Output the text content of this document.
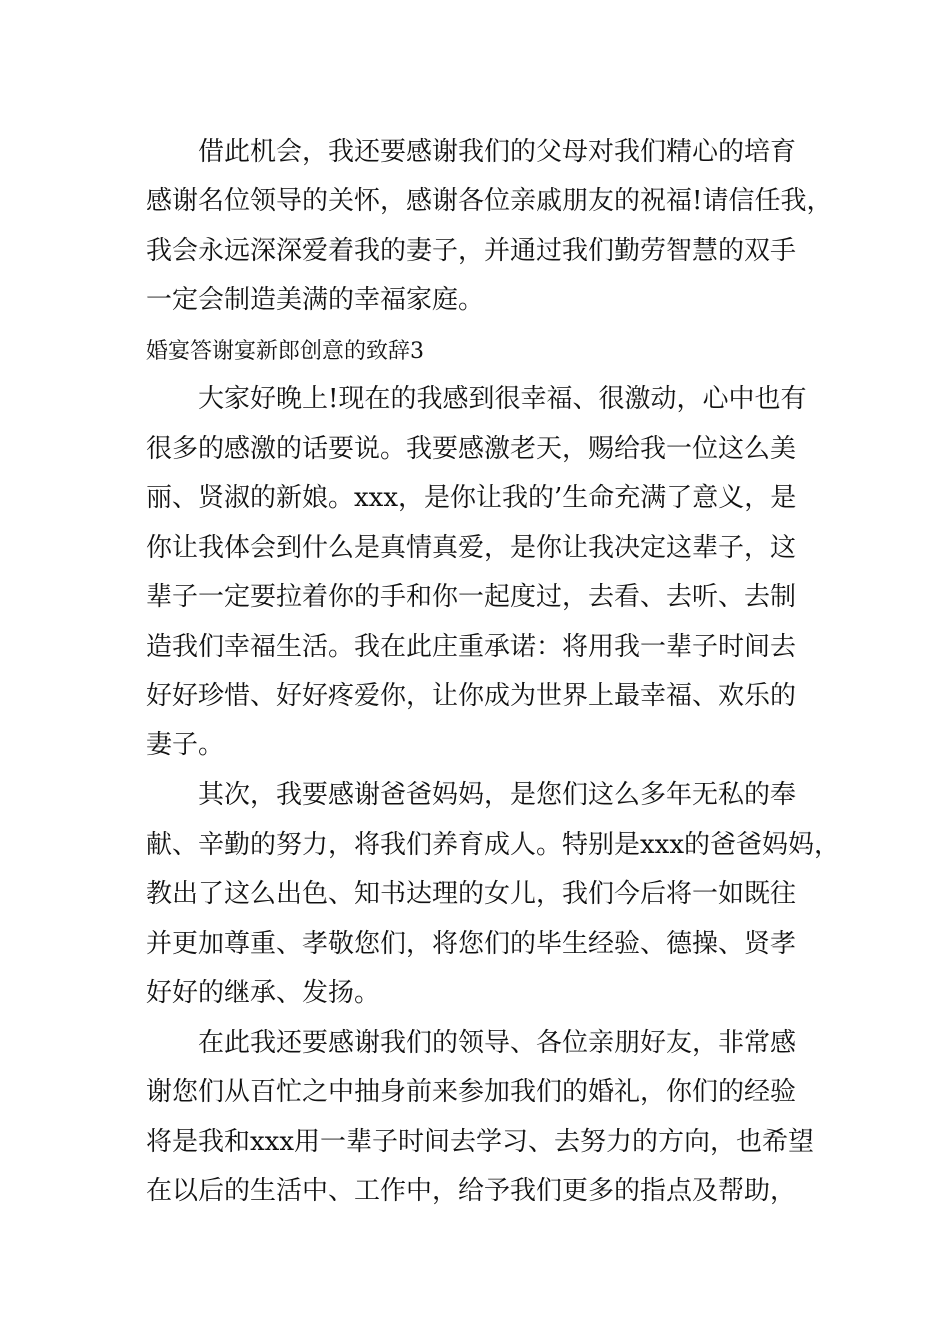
借此机会，我还要感谢我们的父母对我们精心的培育

感谢名位领导的关怀，感谢各位亲戚朋友的祝福!请信任我，

我会永远深深爱着我的妻子，并通过我们勤劳智慧的双手

一定会制造美满的幸福家庭。

婚宴答谢宴新郎创意的致辞3

大家好晚上!现在的我感到很幸福、很激动，心中也有

很多的感激的话要说。我要感激老天，赐给我一位这么美

丽、贤淑的新娘。xxx，是你让我的’生命充满了意义，是

你让我体会到什么是真情真爱，是你让我决定这辈子，这

辈子一定要拉着你的手和你一起度过，去看、去听、去制

造我们幸福生活。我在此庄重承诺：将用我一辈子时间去

好好珍惜、好好疼爱你，让你成为世界上最幸福、欢乐的

妻子。

其次，我要感谢爸爸妈妈，是您们这么多年无私的奉

献、辛勤的努力，将我们养育成人。特别是xxx的爸爸妈妈，

教出了这么出色、知书达理的女儿，我们今后将一如既往

并更加尊重、孝敬您们，将您们的毕生经验、德操、贤孝

好好的继承、发扬。

在此我还要感谢我们的领导、各位亲朋好友，非常感

谢您们从百忙之中抽身前来参加我们的婚礼，你们的经验

将是我和xxx用一辈子时间去学习、去努力的方向，也希望

在以后的生活中、工作中，给予我们更多的指点及帮助，
